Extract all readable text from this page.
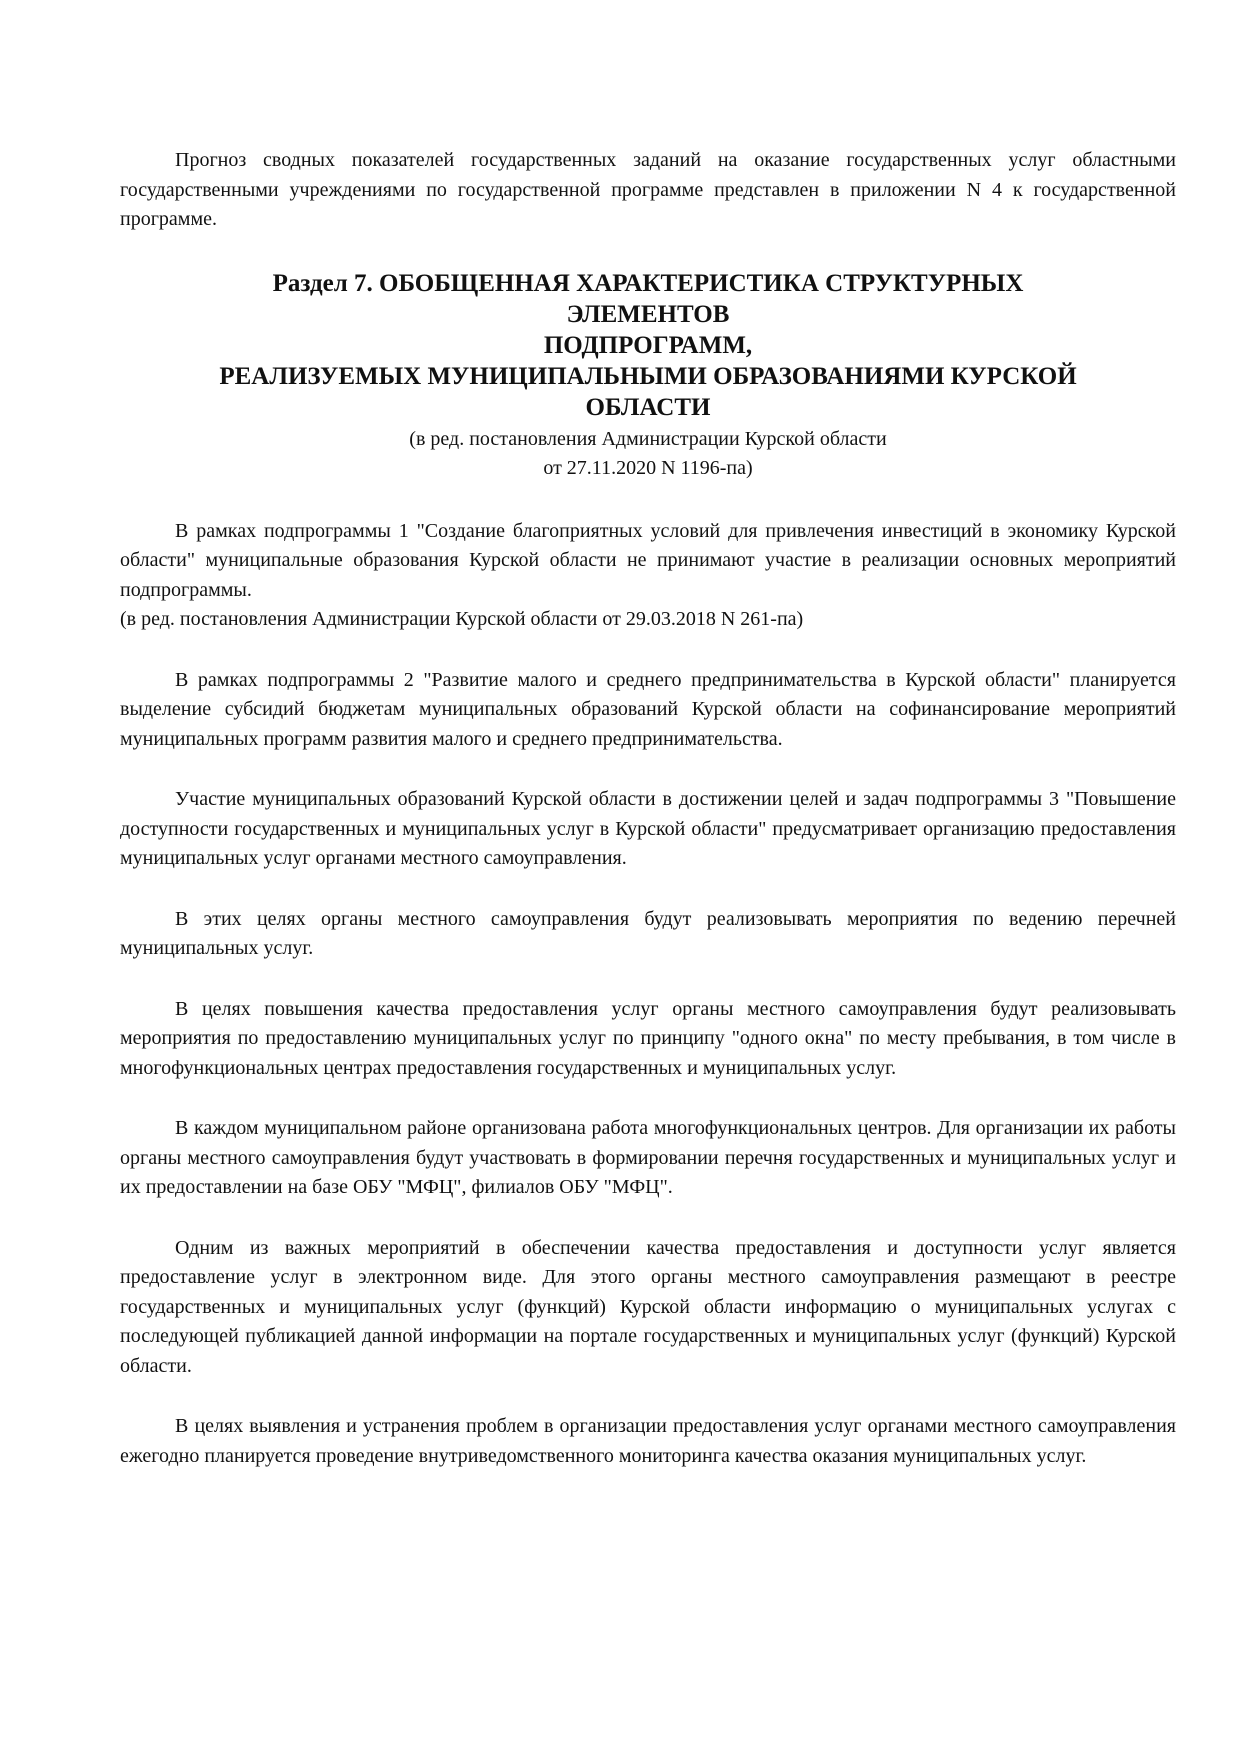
Прогноз сводных показателей государственных заданий на оказание государственных услуг областными государственными учреждениями по государственной программе представлен в приложении N 4 к государственной программе.

Раздел 7. ОБОБЩЕННАЯ ХАРАКТЕРИСТИКА СТРУКТУРНЫХ
ЭЛЕМЕНТОВ
ПОДПРОГРАММ,
РЕАЛИЗУЕМЫХ МУНИЦИПАЛЬНЫМИ ОБРАЗОВАНИЯМИ КУРСКОЙ
ОБЛАСТИ
(в ред. постановления Администрации Курской области
от 27.11.2020 N 1196-па)

В рамках подпрограммы 1 "Создание благоприятных условий для привлечения инвестиций в экономику Курской области" муниципальные образования Курской области не принимают участие в реализации основных мероприятий подпрограммы.

(в ред. постановления Администрации Курской области от 29.03.2018 N 261-па)

В рамках подпрограммы 2 "Развитие малого и среднего предпринимательства в Курской области" планируется выделение субсидий бюджетам муниципальных образований Курской области на софинансирование мероприятий муниципальных программ развития малого и среднего предпринимательства.

Участие муниципальных образований Курской области в достижении целей и задач подпрограммы 3 "Повышение доступности государственных и муниципальных услуг в Курской области" предусматривает организацию предоставления муниципальных услуг органами местного самоуправления.

В этих целях органы местного самоуправления будут реализовывать мероприятия по ведению перечней муниципальных услуг.

В целях повышения качества предоставления услуг органы местного самоуправления будут реализовывать мероприятия по предоставлению муниципальных услуг по принципу "одного окна" по месту пребывания, в том числе в многофункциональных центрах предоставления государственных и муниципальных услуг.

В каждом муниципальном районе организована работа многофункциональных центров. Для организации их работы органы местного самоуправления будут участвовать в формировании перечня государственных и муниципальных услуг и их предоставлении на базе ОБУ "МФЦ", филиалов ОБУ "МФЦ".

Одним из важных мероприятий в обеспечении качества предоставления и доступности услуг является предоставление услуг в электронном виде. Для этого органы местного самоуправления размещают в реестре государственных и муниципальных услуг (функций) Курской области информацию о муниципальных услугах с последующей публикацией данной информации на портале государственных и муниципальных услуг (функций) Курской области.

В целях выявления и устранения проблем в организации предоставления услуг органами местного самоуправления ежегодно планируется проведение внутриведомственного мониторинга качества оказания муниципальных услуг.
